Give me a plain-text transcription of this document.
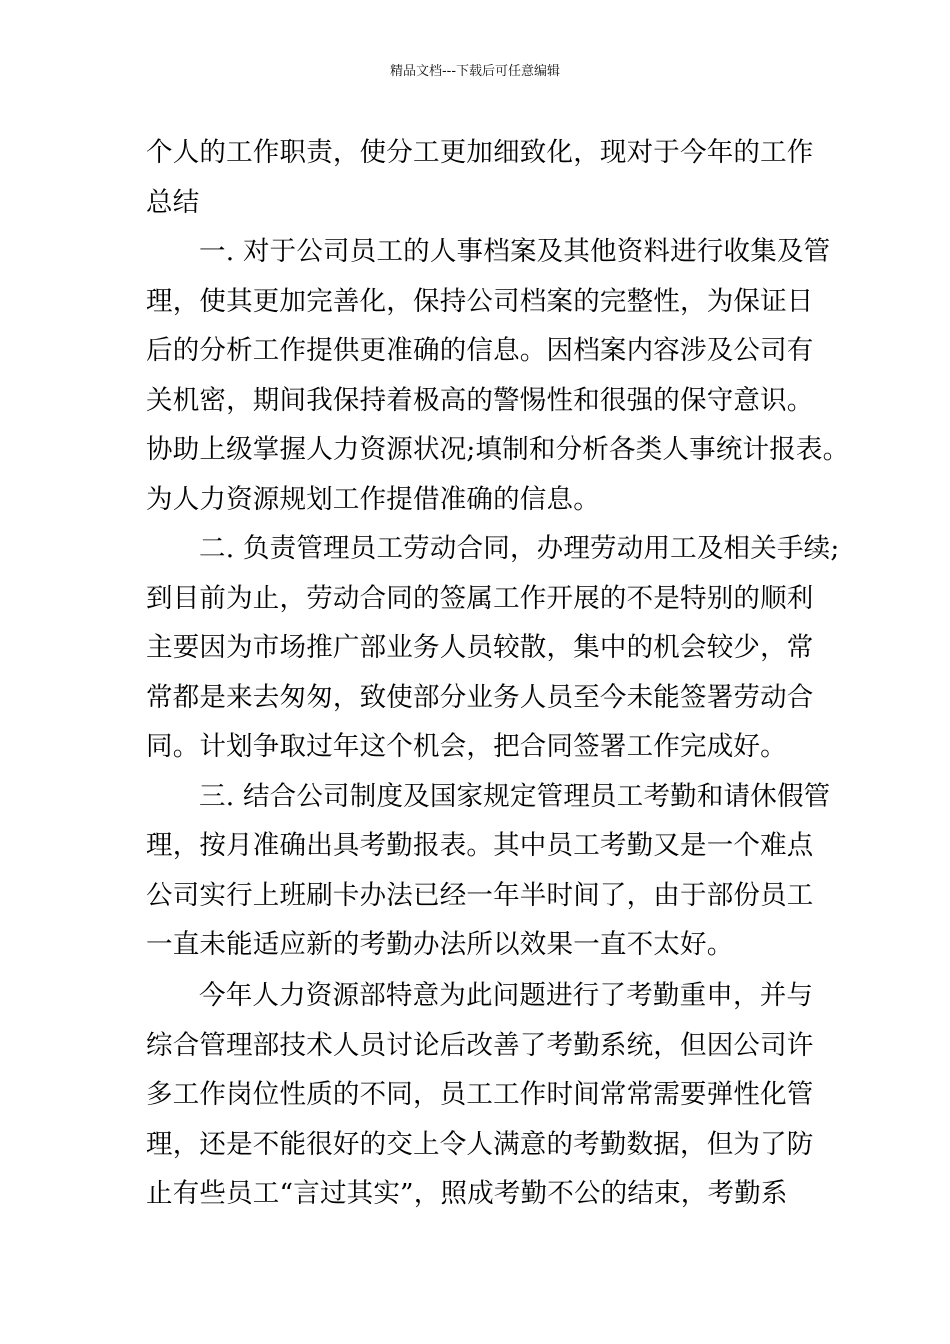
精品文档---下载后可任意编辑
个人的工作职责，使分工更加细致化，现对于今年的工作
总结
一. 对于公司员工的人事档案及其他资料进行收集及管
理，使其更加完善化，保持公司档案的完整性，为保证日
后的分析工作提供更准确的信息。因档案内容涉及公司有
关机密，期间我保持着极高的警惕性和很强的保守意识。
协助上级掌握人力资源状况;填制和分析各类人事统计报表。
为人力资源规划工作提借准确的信息。
二. 负责管理员工劳动合同，办理劳动用工及相关手续;
到目前为止，劳动合同的签属工作开展的不是特别的顺利
主要因为市场推广部业务人员较散，集中的机会较少，常
常都是来去匆匆，致使部分业务人员至今未能签署劳动合
同。计划争取过年这个机会，把合同签署工作完成好。
三. 结合公司制度及国家规定管理员工考勤和请休假管
理，按月准确出具考勤报表。其中员工考勤又是一个难点
公司实行上班刷卡办法已经一年半时间了，由于部份员工
一直未能适应新的考勤办法所以效果一直不太好。
今年人力资源部特意为此问题进行了考勤重申，并与
综合管理部技术人员讨论后改善了考勤系统，但因公司许
多工作岗位性质的不同，员工工作时间常常需要弹性化管
理，还是不能很好的交上令人满意的考勤数据，但为了防
止有些员工“言过其实”，照成考勤不公的结束，考勤系
